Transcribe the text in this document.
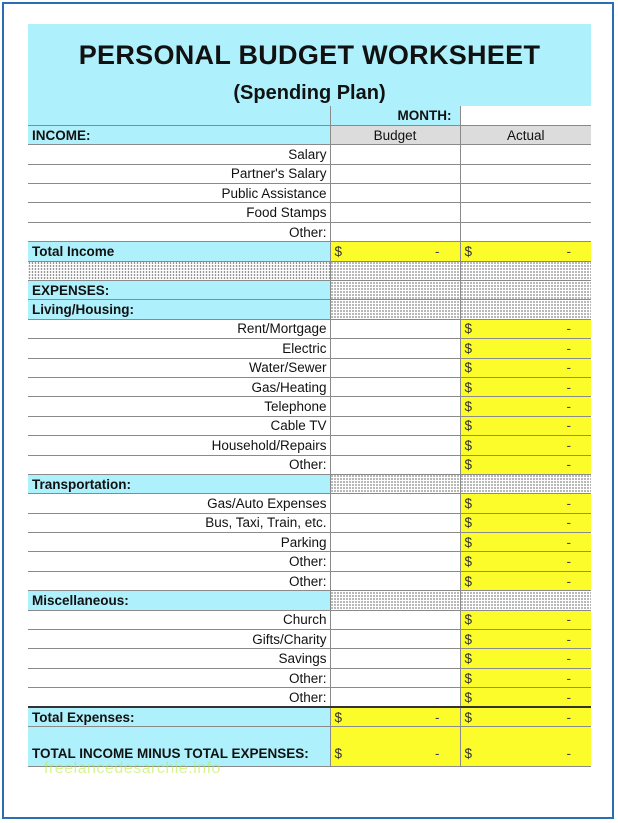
PERSONAL BUDGET WORKSHEET
(Spending Plan)
	MONTH:	
INCOME:	Budget	Actual
Salary		
Partner's Salary		
Public Assistance		
Food Stamps		
Other:		
Total Income	$ -	$ -

EXPENSES:		
Living/Housing:		
Rent/Mortgage		$ -

Electric		$ -

Water/Sewer		$ -

Gas/Heating		$ -

Telephone		$ -

Cable TV		$ -

Household/Repairs		$ -

Other:		$ -

Transportation:		
Gas/Auto Expenses		$ -

Bus, Taxi, Train, etc.		$ -

Parking		$ -

Other:		$ -

Other:		$ -

Miscellaneous:		
Church		$ -

Gifts/Charity		$ -

Savings		$ -

Other:		$ -

Other:		$ -

Total Expenses:	$ -	$ -

TOTAL INCOME MINUS TOTAL EXPENSES:	$ -	$ -
freelancedesarchie.info
